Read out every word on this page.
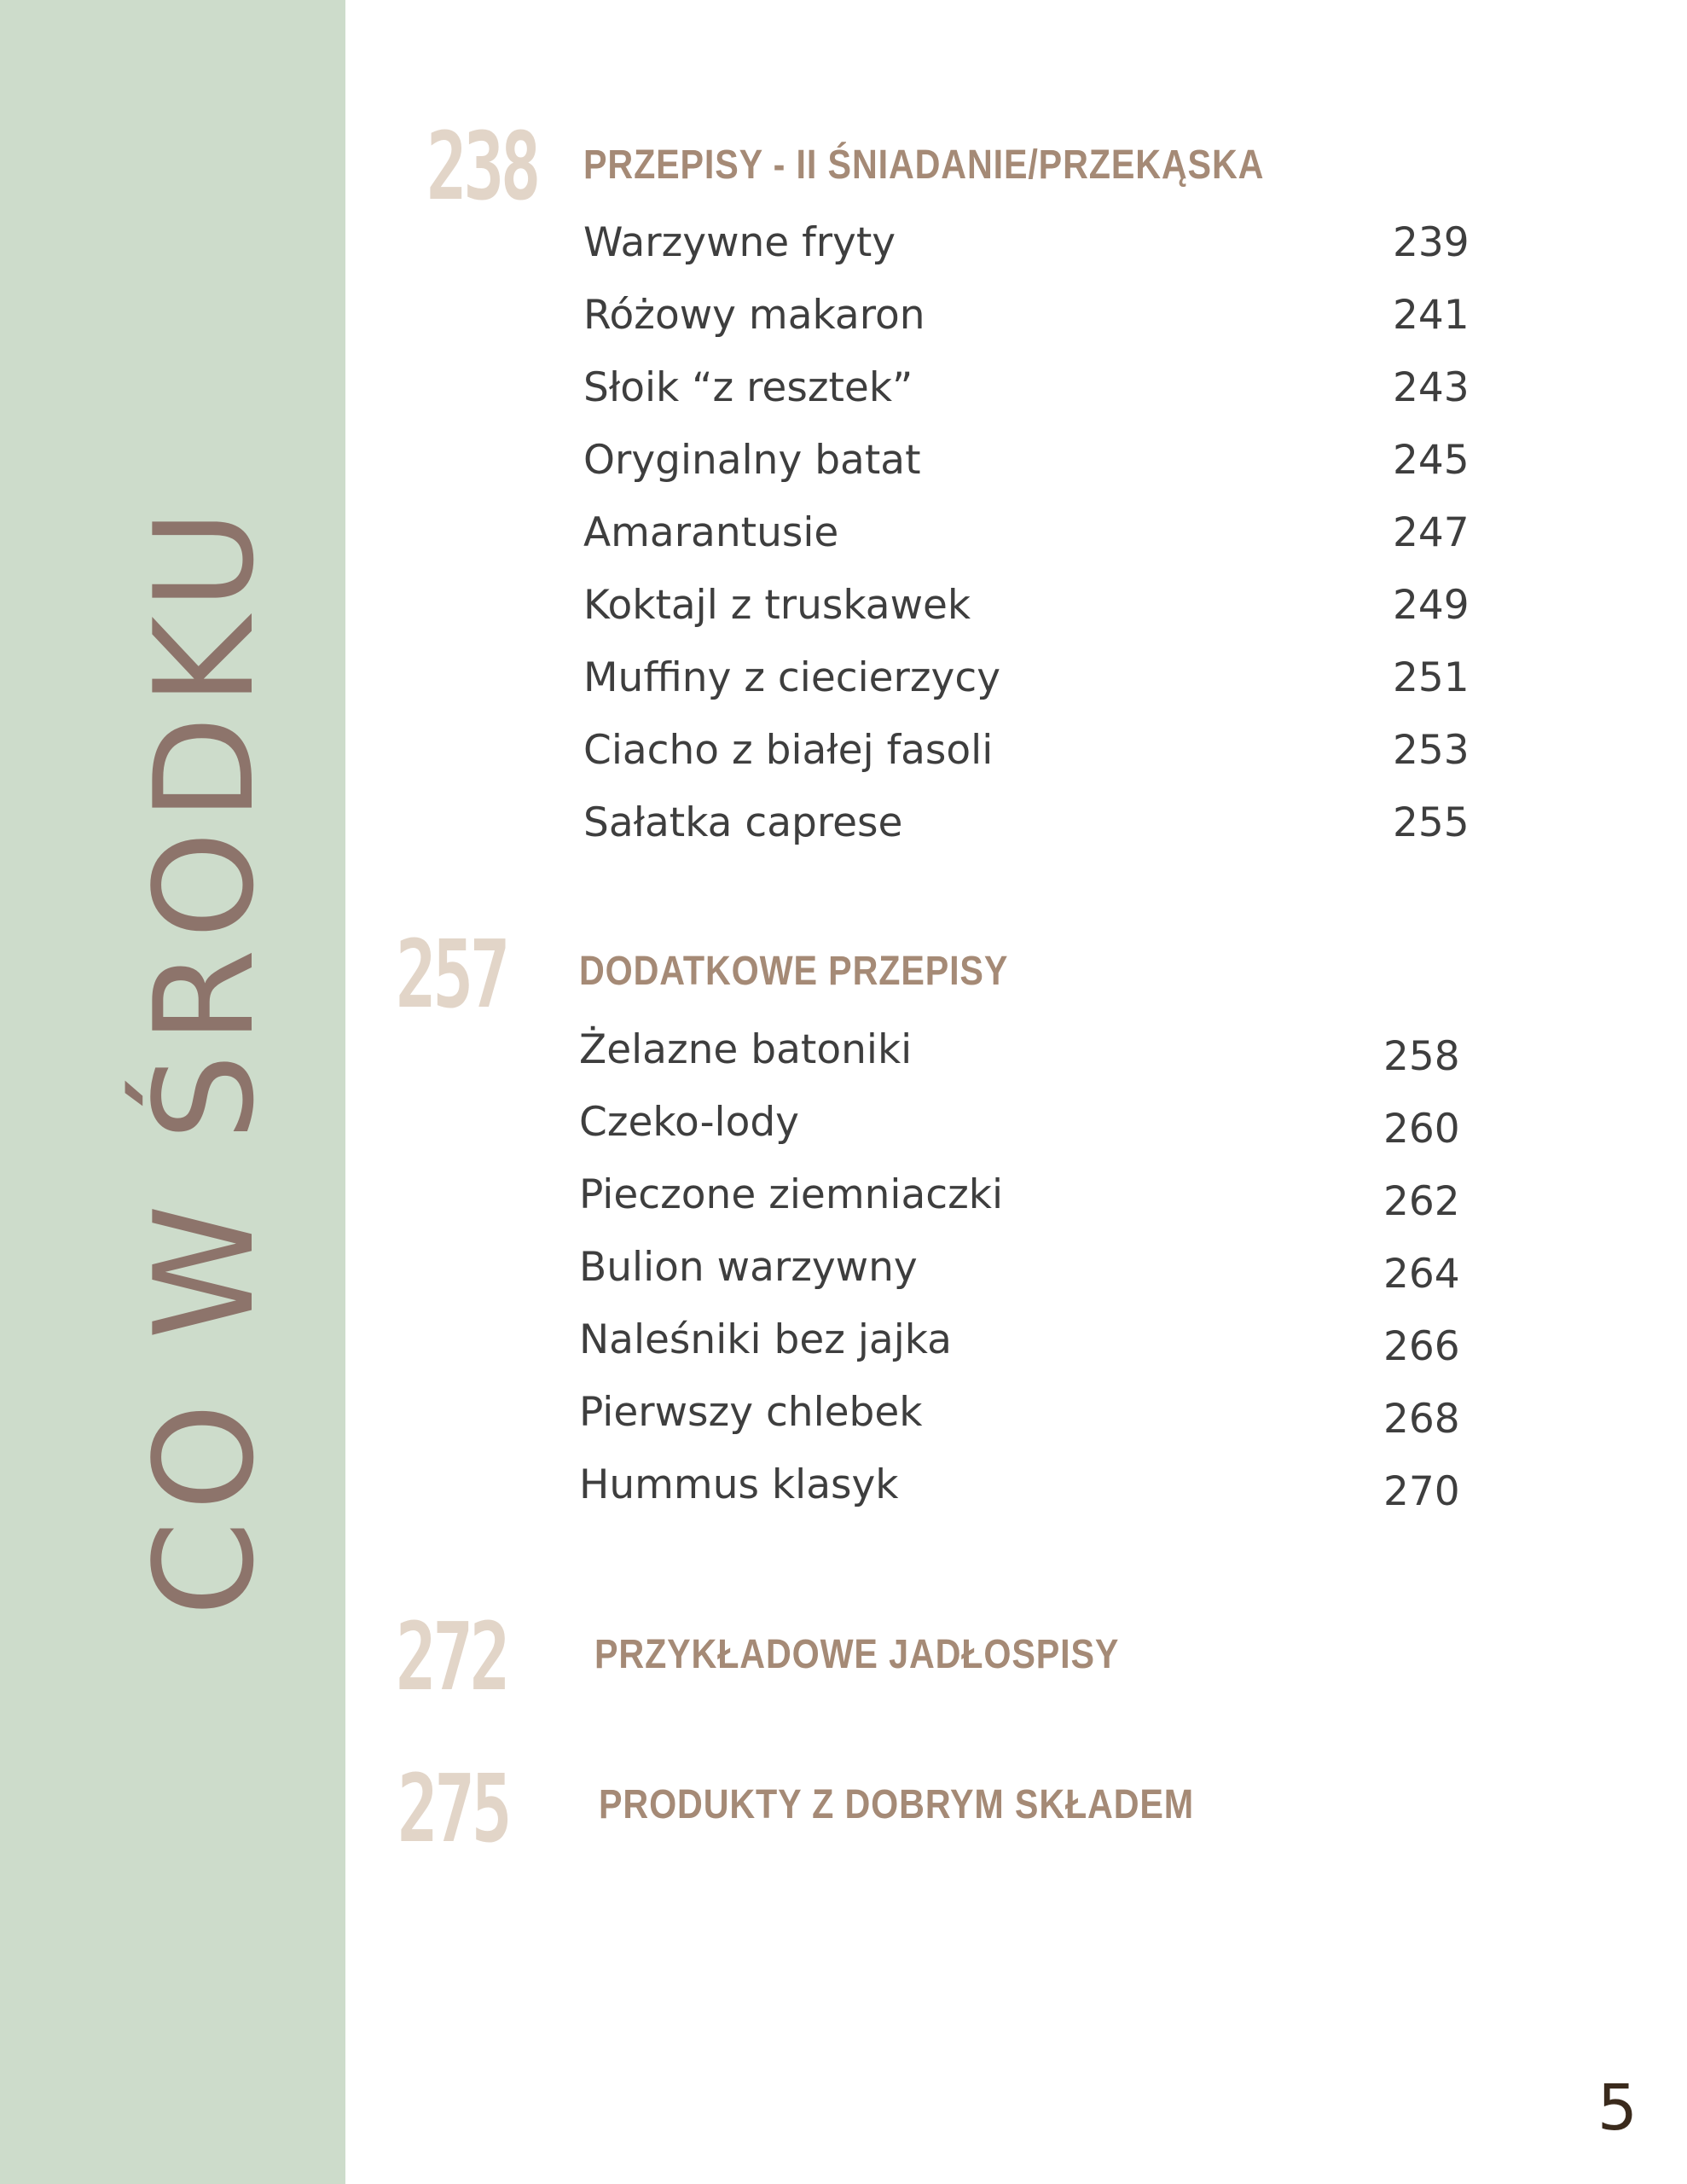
CO W ŚRODKU
238 PRZEPISY - II ŚNIADANIE/PRZEKĄSKA
Warzywne fryty	239
Różowy makaron	241
Słoik “z resztek”	243
Oryginalny batat	245
Amarantusie	247
Koktajl z truskawek	249
Muffiny z ciecierzycy	251
Ciacho z białej fasoli	253
Sałatka caprese	255
257 DODATKOWE PRZEPISY
Żelazne batoniki	258
Czeko-lody	260
Pieczone ziemniaczki	262
Bulion warzywny	264
Naleśniki bez jajka	266
Pierwszy chlebek	268
Hummus klasyk	270
272 PRZYKŁADOWE JADŁOSPISY
275 PRODUKTY Z DOBRYM SKŁADEM
5
